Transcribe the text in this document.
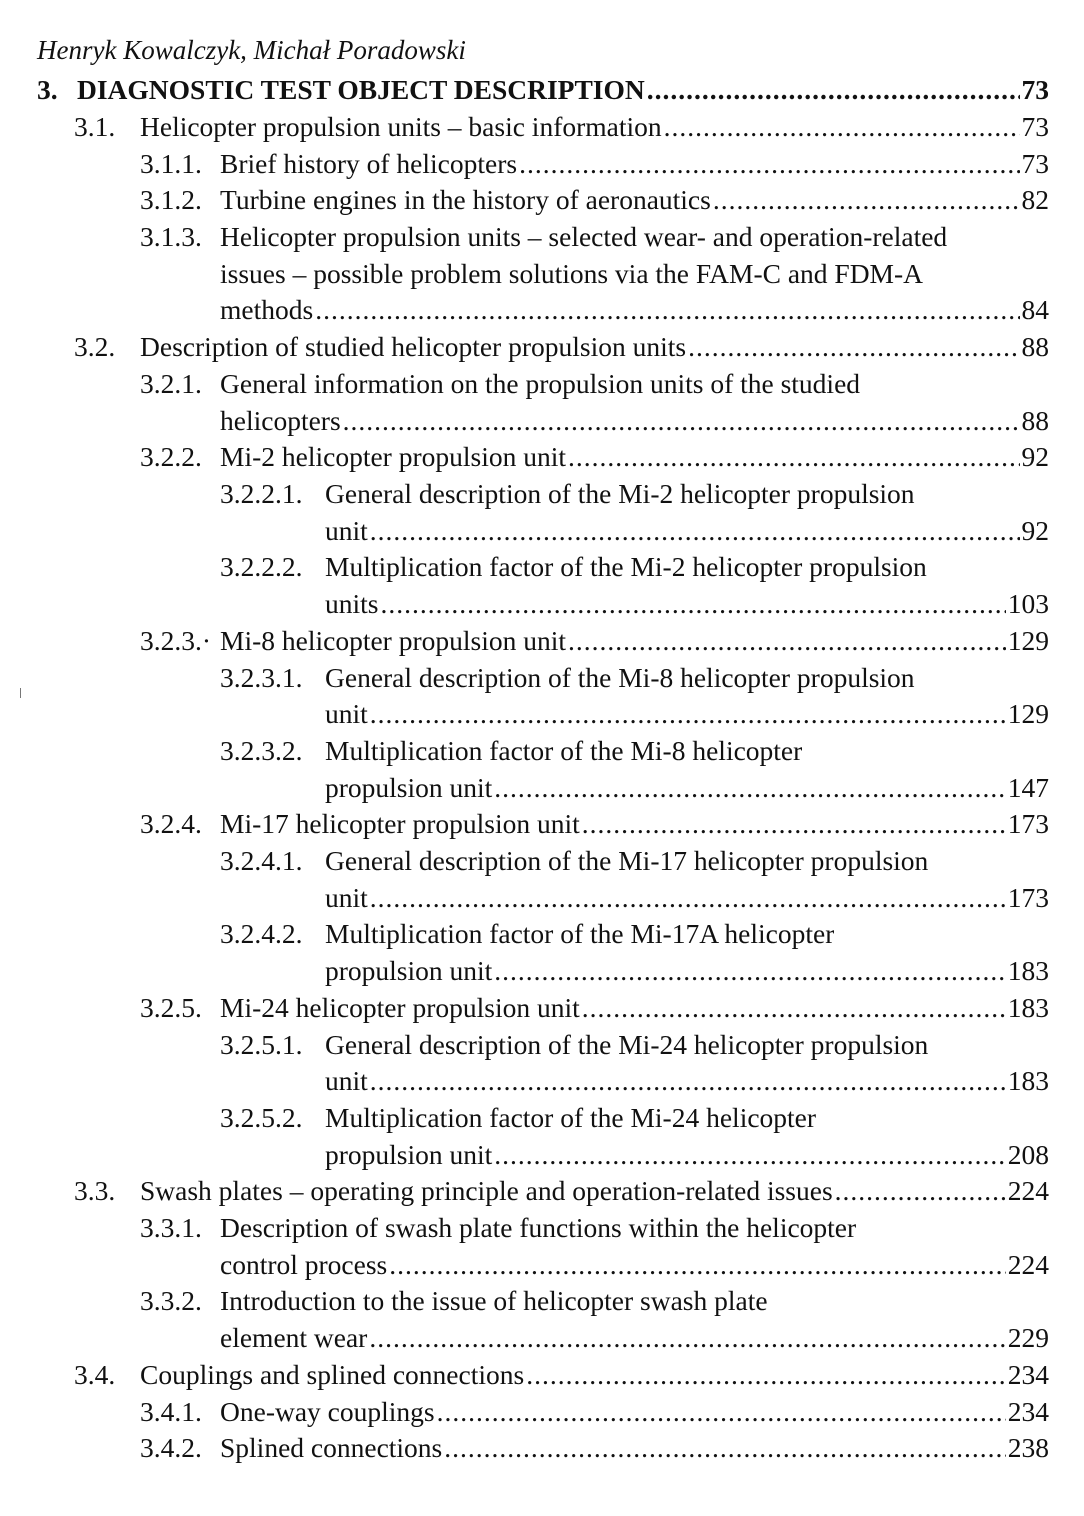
Henryk Kowalczyk, Michał Poradowski
3. DIAGNOSTIC TEST OBJECT DESCRIPTION .....	73
3.1. Helicopter propulsion units – basic information .....	73
3.1.1. Brief history of helicopters .....	73
3.1.2. Turbine engines in the history of aeronautics .....	82
3.1.3. Helicopter propulsion units – selected wear- and operation-related
issues – possible problem solutions via the FAM-C and FDM-A
methods .....	84
3.2. Description of studied helicopter propulsion units .....	88
3.2.1. General information on the propulsion units of the studied
helicopters .....	88
3.2.2. Mi-2 helicopter propulsion unit .....	92
3.2.2.1. General description of the Mi-2 helicopter propulsion
unit .....	92
3.2.2.2. Multiplication factor of the Mi-2 helicopter propulsion
units .....	103
3.2.3.· Mi-8 helicopter propulsion unit .....	129
3.2.3.1. General description of the Mi-8 helicopter propulsion
unit .....	129
3.2.3.2. Multiplication factor of the Mi-8 helicopter
propulsion unit .....	147
3.2.4. Mi-17 helicopter propulsion unit .....	173
3.2.4.1. General description of the Mi-17 helicopter propulsion
unit .....	173
3.2.4.2. Multiplication factor of the Mi-17A helicopter
propulsion unit .....	183
3.2.5. Mi-24 helicopter propulsion unit .....	183
3.2.5.1. General description of the Mi-24 helicopter propulsion
unit .....	183
3.2.5.2. Multiplication factor of the Mi-24 helicopter
propulsion unit .....	208
3.3. Swash plates – operating principle and operation-related issues .....	224
3.3.1. Description of swash plate functions within the helicopter
control process .....	224
3.3.2. Introduction to the issue of helicopter swash plate
element wear .....	229
3.4. Couplings and splined connections .....	234
3.4.1. One-way couplings .....	234
3.4.2. Splined connections .....	238
